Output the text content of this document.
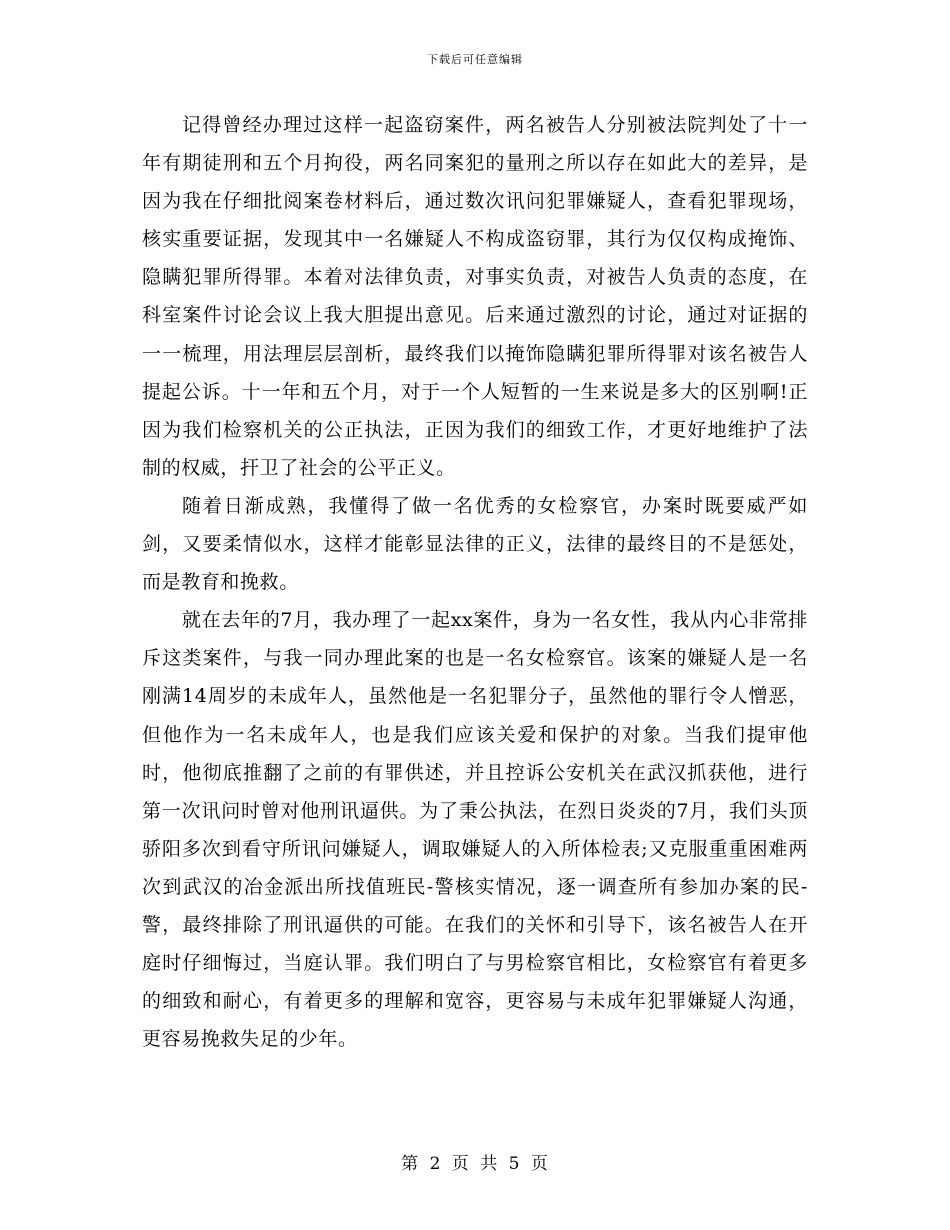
下载后可任意编辑

记得曾经办理过这样一起盗窃案件，两名被告人分别被法院判处了十一年有期徒刑和五个月拘役，两名同案犯的量刑之所以存在如此大的差异，是因为我在仔细批阅案卷材料后，通过数次讯问犯罪嫌疑人，查看犯罪现场，核实重要证据，发现其中一名嫌疑人不构成盗窃罪，其行为仅仅构成掩饰、隐瞒犯罪所得罪。本着对法律负责，对事实负责，对被告人负责的态度，在科室案件讨论会议上我大胆提出意见。后来通过激烈的讨论，通过对证据的一一梳理，用法理层层剖析，最终我们以掩饰隐瞒犯罪所得罪对该名被告人提起公诉。十一年和五个月，对于一个人短暂的一生来说是多大的区别啊!正因为我们检察机关的公正执法，正因为我们的细致工作，才更好地维护了法制的权威，扞卫了社会的公平正义。

随着日渐成熟，我懂得了做一名优秀的女检察官，办案时既要威严如剑，又要柔情似水，这样才能彰显法律的正义，法律的最终目的不是惩处，而是教育和挽救。

就在去年的7月，我办理了一起xx案件，身为一名女性，我从内心非常排斥这类案件，与我一同办理此案的也是一名女检察官。该案的嫌疑人是一名刚满14周岁的未成年人，虽然他是一名犯罪分子，虽然他的罪行令人憎恶，但他作为一名未成年人，也是我们应该关爱和保护的对象。当我们提审他时，他彻底推翻了之前的有罪供述，并且控诉公安机关在武汉抓获他，进行第一次讯问时曾对他刑讯逼供。为了秉公执法，在烈日炎炎的7月，我们头顶骄阳多次到看守所讯问嫌疑人，调取嫌疑人的入所体检表;又克服重重困难两次到武汉的冶金派出所找值班民-警核实情况，逐一调查所有参加办案的民-警，最终排除了刑讯逼供的可能。在我们的关怀和引导下，该名被告人在开庭时仔细悔过，当庭认罪。我们明白了与男检察官相比，女检察官有着更多的细致和耐心，有着更多的理解和宽容，更容易与未成年犯罪嫌疑人沟通，更容易挽救失足的少年。

第 2 页 共 5 页
